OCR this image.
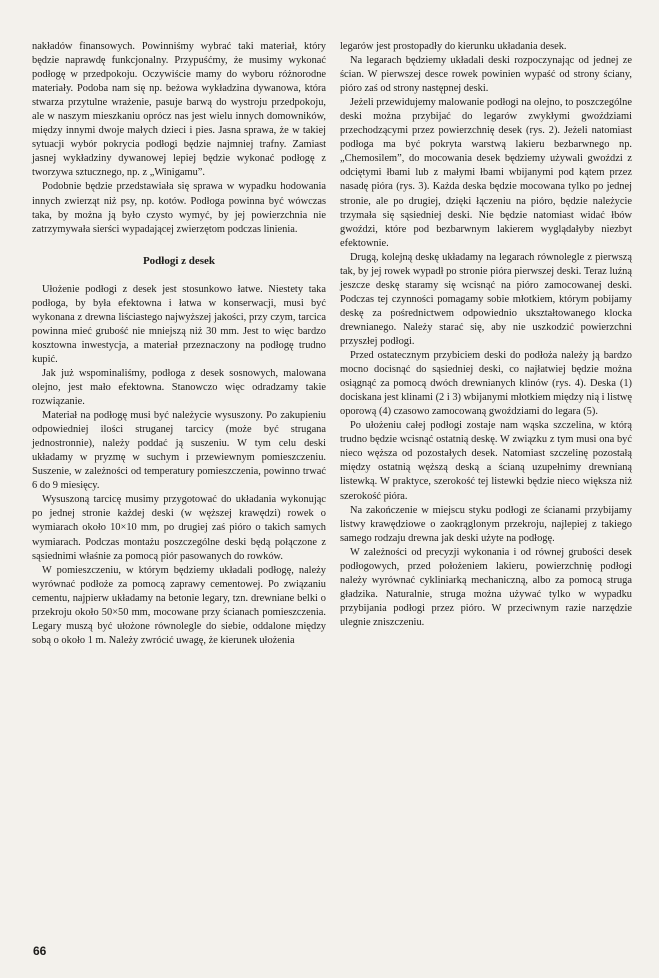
nakładów finansowych. Powinniśmy wybrać taki materiał, który będzie naprawdę funkcjonalny. Przypuśćmy, że musimy wykonać podłogę w przedpokoju. Oczywiście mamy do wyboru różnorodne materiały. Podoba nam się np. beżowa wykładzina dywanowa, która stwarza przytulne wrażenie, pasuje barwą do wystroju przedpokoju, ale w naszym mieszkaniu oprócz nas jest wielu innych domowników, między innymi dwoje małych dzieci i pies. Jasna sprawa, że w takiej sytuacji wybór pokrycia podłogi będzie najmniej trafny. Zamiast jasnej wykładziny dywanowej lepiej będzie wykonać podłogę z tworzywa sztucznego, np. z „Winigamu”.

Podobnie będzie przedstawiała się sprawa w wypadku hodowania innych zwierząt niż psy, np. kotów. Podłoga powinna być wówczas taka, by można ją było czysto wymyć, by jej powierzchnia nie zatrzymywała sierści wypadającej zwierzętom podczas linienia.

Podłogi z desek

Ułożenie podłogi z desek jest stosunkowo łatwe. Niestety taka podłoga, by była efektowna i łatwa w konserwacji, musi być wykonana z drewna liściastego najwyższej jakości, przy czym, tarcica powinna mieć grubość nie mniejszą niż 30 mm. Jest to więc bardzo kosztowna inwestycja, a materiał przeznaczony na podłogę trudno kupić.

Jak już wspominaliśmy, podłoga z desek sosnowych, malowana olejno, jest mało efektowna. Stanowczo więc odradzamy takie rozwiązanie.

Materiał na podłogę musi być należycie wysuszony. Po zakupieniu odpowiedniej ilości struganej tarcicy (może być strugana jednostronnie), należy poddać ją suszeniu. W tym celu deski układamy w pryzmę w suchym i przewiewnym pomieszczeniu. Suszenie, w zależności od temperatury pomieszczenia, powinno trwać 6 do 9 miesięcy.

Wysuszoną tarcicę musimy przygotować do układania wykonując po jednej stronie każdej deski (w węższej krawędzi) rowek o wymiarach około 10×10 mm, po drugiej zaś pióro o takich samych wymiarach. Podczas montażu poszczególne deski będą połączone z sąsiednimi właśnie za pomocą piór pasowanych do rowków.

W pomieszczeniu, w którym będziemy układali podłogę, należy wyrównać podłoże za pomocą zaprawy cementowej. Po związaniu cementu, najpierw układamy na betonie legary, tzn. drewniane belki o przekroju około 50×50 mm, mocowane przy ścianach pomieszczenia. Legary muszą być ułożone równolegle do siebie, oddalone między sobą o około 1 m. Należy zwrócić uwagę, że kierunek ułożenia

legarów jest prostopadły do kierunku układania desek.

Na legarach będziemy układali deski rozpoczynając od jednej ze ścian. W pierwszej desce rowek powinien wypaść od strony ściany, pióro zaś od strony następnej deski.

Jeżeli przewidujemy malowanie podłogi na olejno, to poszczególne deski można przybijać do legarów zwykłymi gwoździami przechodzącymi przez powierzchnię desek (rys. 2). Jeżeli natomiast podłoga ma być pokryta warstwą lakieru bezbarwnego np. „Chemosilem”, do mocowania desek będziemy używali gwoździ z odciętymi łbami lub z małymi łbami wbijanymi pod kątem przez nasadę pióra (rys. 3). Każda deska będzie mocowana tylko po jednej stronie, ale po drugiej, dzięki łączeniu na pióro, będzie należycie trzymała się sąsiedniej deski. Nie będzie natomiast widać łbów gwoździ, które pod bezbarwnym lakierem wyglądałyby niezbyt efektownie.

Drugą, kolejną deskę układamy na legarach równolegle z pierwszą tak, by jej rowek wypadł po stronie pióra pierwszej deski. Teraz luźną jeszcze deskę staramy się wcisnąć na pióro zamocowanej deski. Podczas tej czynności pomagamy sobie młotkiem, którym pobijamy deskę za pośrednictwem odpowiednio ukształtowanego klocka drewnianego. Należy starać się, aby nie uszkodzić powierzchni przyszłej podłogi.

Przed ostatecznym przybiciem deski do podłoża należy ją bardzo mocno docisnąć do sąsiedniej deski, co najłatwiej będzie można osiągnąć za pomocą dwóch drewnianych klinów (rys. 4). Deska (1) dociskana jest klinami (2 i 3) wbijanymi młotkiem między nią i listwę oporową (4) czasowo zamocowaną gwoździami do legara (5).

Po ułożeniu całej podłogi zostaje nam wąska szczelina, w którą trudno będzie wcisnąć ostatnią deskę. W związku z tym musi ona być nieco węższa od pozostałych desek. Natomiast szczelinę pozostałą między ostatnią węższą deską a ścianą uzupełnimy drewnianą listewką. W praktyce, szerokość tej listewki będzie nieco większa niż szerokość pióra.

Na zakończenie w miejscu styku podłogi ze ścianami przybijamy listwy krawędziowe o zaokrąglonym przekroju, najlepiej z takiego samego rodzaju drewna jak deski użyte na podłogę.

W zależności od precyzji wykonania i od równej grubości desek podłogowych, przed położeniem lakieru, powierzchnię podłogi należy wyrównać cykliniarką mechaniczną, albo za pomocą struga gładzika. Naturalnie, struga można używać tylko w wypadku przybijania podłogi przez pióro. W przeciwnym razie narzędzie ulegnie zniszczeniu.

66
